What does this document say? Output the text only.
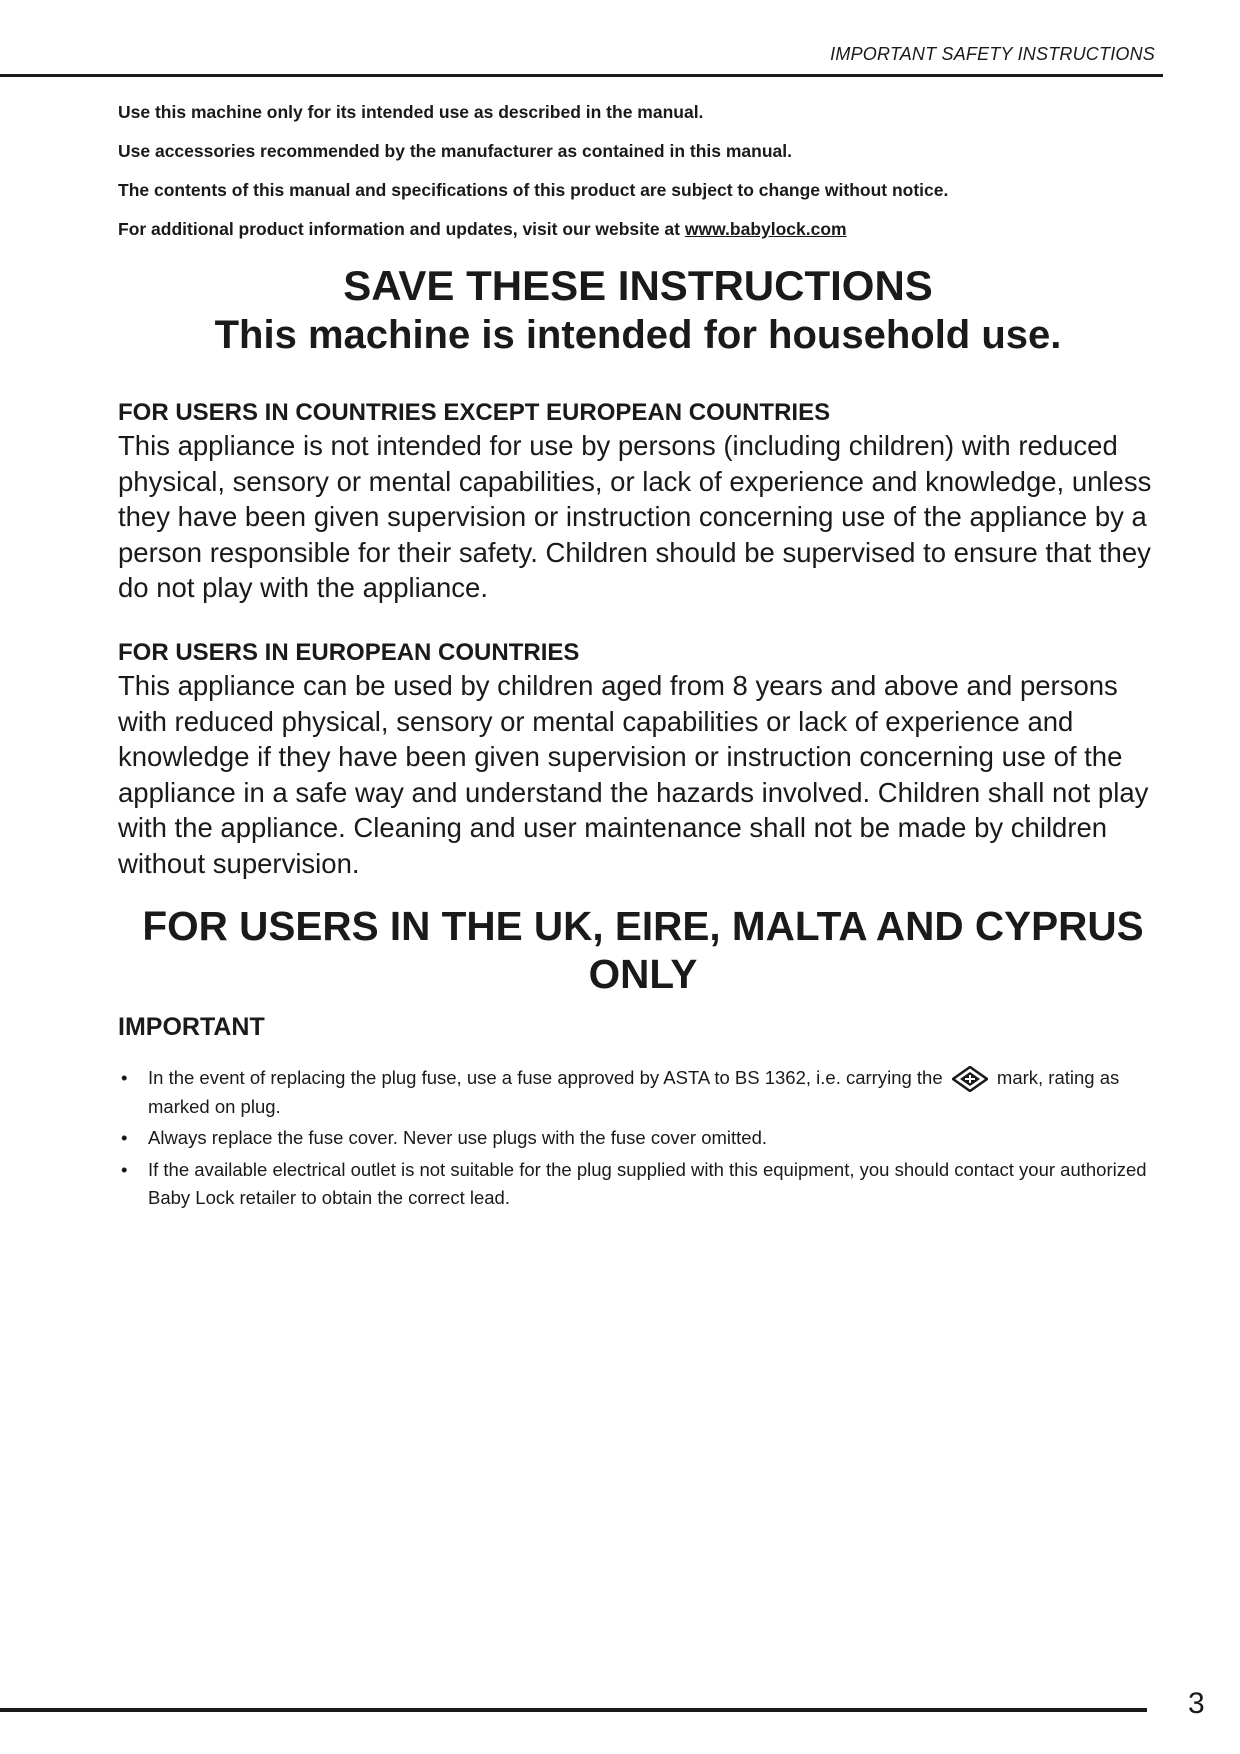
IMPORTANT SAFETY INSTRUCTIONS

Use this machine only for its intended use as described in the manual.

Use accessories recommended by the manufacturer as contained in this manual.

The contents of this manual and specifications of this product are subject to change without notice.

For additional product information and updates, visit our website at www.babylock.com

SAVE THESE INSTRUCTIONS
This machine is intended for household use.

FOR USERS IN COUNTRIES EXCEPT EUROPEAN COUNTRIES

This appliance is not intended for use by persons (including children) with reduced physical, sensory or mental capabilities, or lack of experience and knowledge, unless they have been given supervision or instruction concerning use of the appliance by a person responsible for their safety. Children should be supervised to ensure that they do not play with the appliance.

FOR USERS IN EUROPEAN COUNTRIES

This appliance can be used by children aged from 8 years and above and persons with reduced physical, sensory or mental capabilities or lack of experience and knowledge if they have been given supervision or instruction concerning use of the appliance in a safe way and understand the hazards involved. Children shall not play with the appliance. Cleaning and user maintenance shall not be made by children without supervision.

FOR USERS IN THE UK, EIRE, MALTA AND CYPRUS ONLY
IMPORTANT
• In the event of replacing the plug fuse, use a fuse approved by ASTA to BS 1362, i.e. carrying the	mark, rating as marked on plug.
• Always replace the fuse cover. Never use plugs with the fuse cover omitted.
• If the available electrical outlet is not suitable for the plug supplied with this equipment, you should contact your authorized Baby Lock retailer to obtain the correct lead.
3
